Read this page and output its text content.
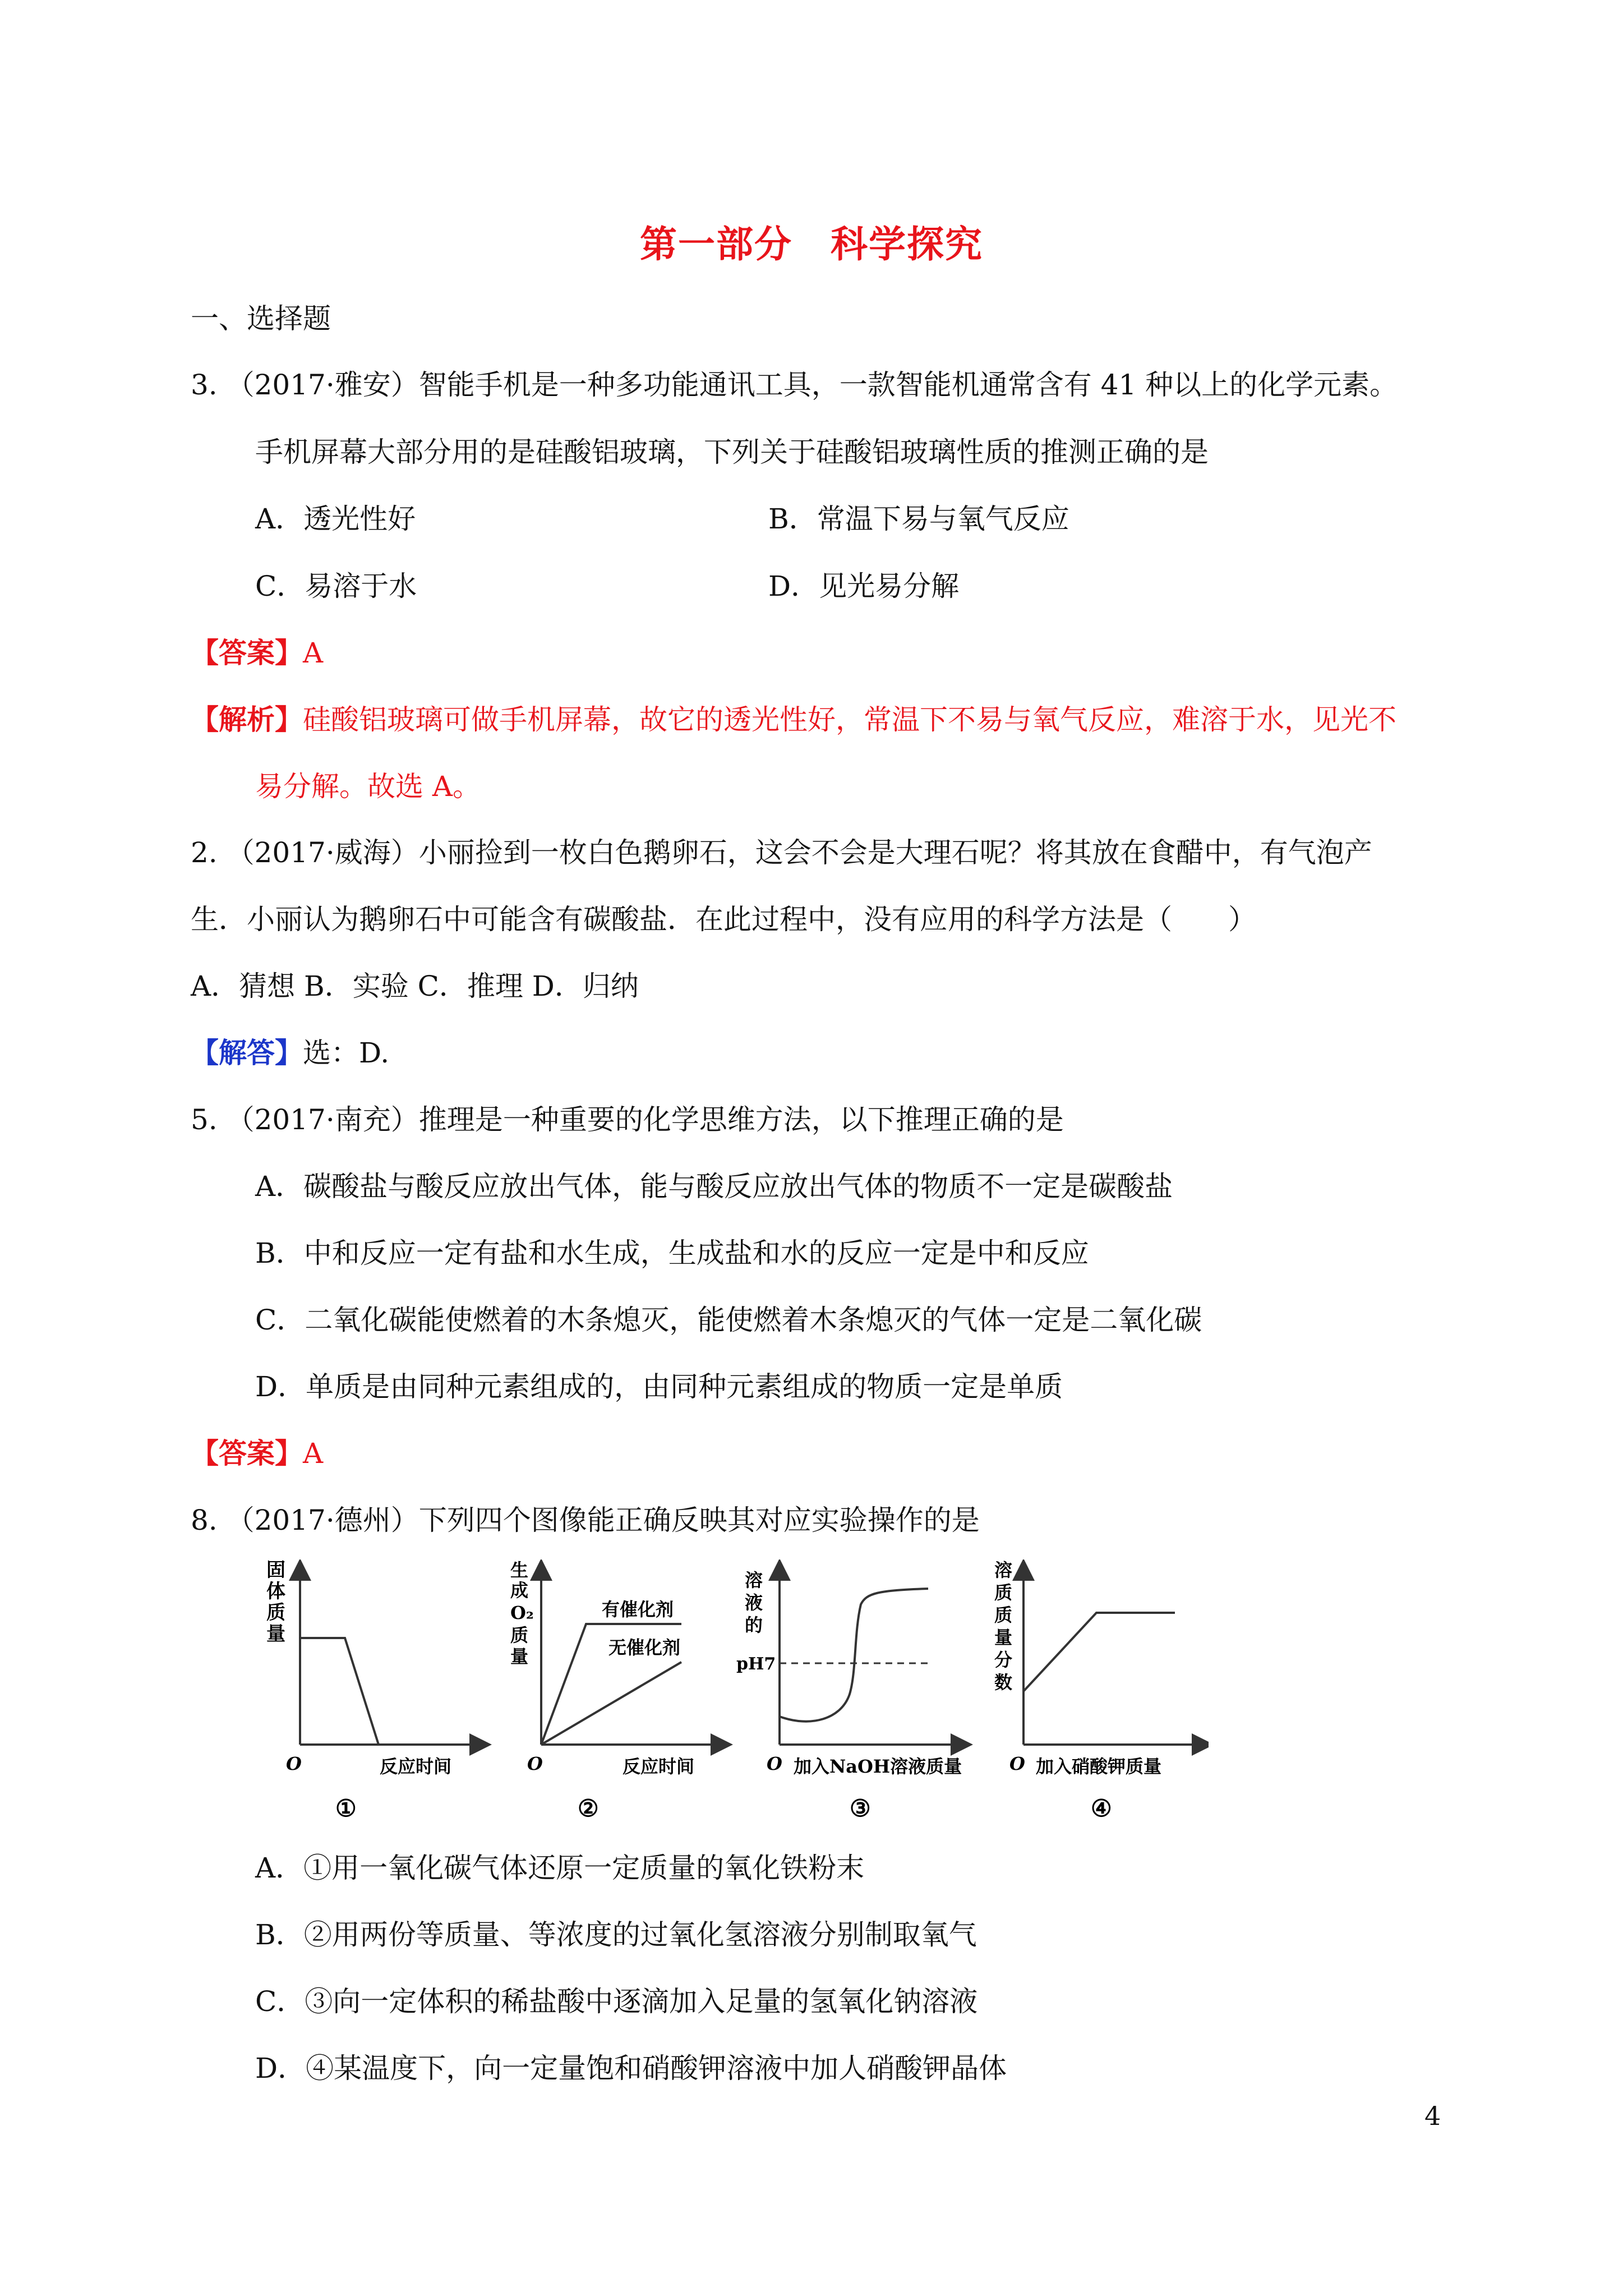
第一部分　科学探究
一、选择题
3. （2017·雅安）智能手机是一种多功能通讯工具，一款智能机通常含有 41 种以上的化学元素。
手机屏幕大部分用的是硅酸铝玻璃，下列关于硅酸铝玻璃性质的推测正确的是
A．透光性好	B．常温下易与氧气反应
C．易溶于水	D．见光易分解
【答案】A
【解析】硅酸铝玻璃可做手机屏幕，故它的透光性好，常温下不易与氧气反应，难溶于水，见光不
易分解。故选 A。
2. （2017·威海）小丽捡到一枚白色鹅卵石，这会不会是大理石呢？将其放在食醋中，有气泡产
生．小丽认为鹅卵石中可能含有碳酸盐．在此过程中，没有应用的科学方法是（　　）
A．猜想 B．实验 C．推理 D．归纳
【解答】选：D.
5. （2017·南充）推理是一种重要的化学思维方法，以下推理正确的是
A．碳酸盐与酸反应放出气体，能与酸反应放出气体的物质不一定是碳酸盐
B．中和反应一定有盐和水生成，生成盐和水的反应一定是中和反应
C．二氧化碳能使燃着的木条熄灭，能使燃着木条熄灭的气体一定是二氧化碳
D．单质是由同种元素组成的，由同种元素组成的物质一定是单质
【答案】A
8. （2017·德州）下列四个图像能正确反映其对应实验操作的是
固
体
质
量
O	反应时间
①
有催化剂
无催化剂
生
成
O₂
质
量
O	反应时间
②
溶
液
的
pH7
O 加入NaOH溶液质量
③
溶
质
质
量
分
数
O 加入硝酸钾质量
④
A．①用一氧化碳气体还原一定质量的氧化铁粉末
B．②用两份等质量、等浓度的过氧化氢溶液分别制取氧气
C．③向一定体积的稀盐酸中逐滴加入足量的氢氧化钠溶液
D．④某温度下，向一定量饱和硝酸钾溶液中加人硝酸钾晶体
4
